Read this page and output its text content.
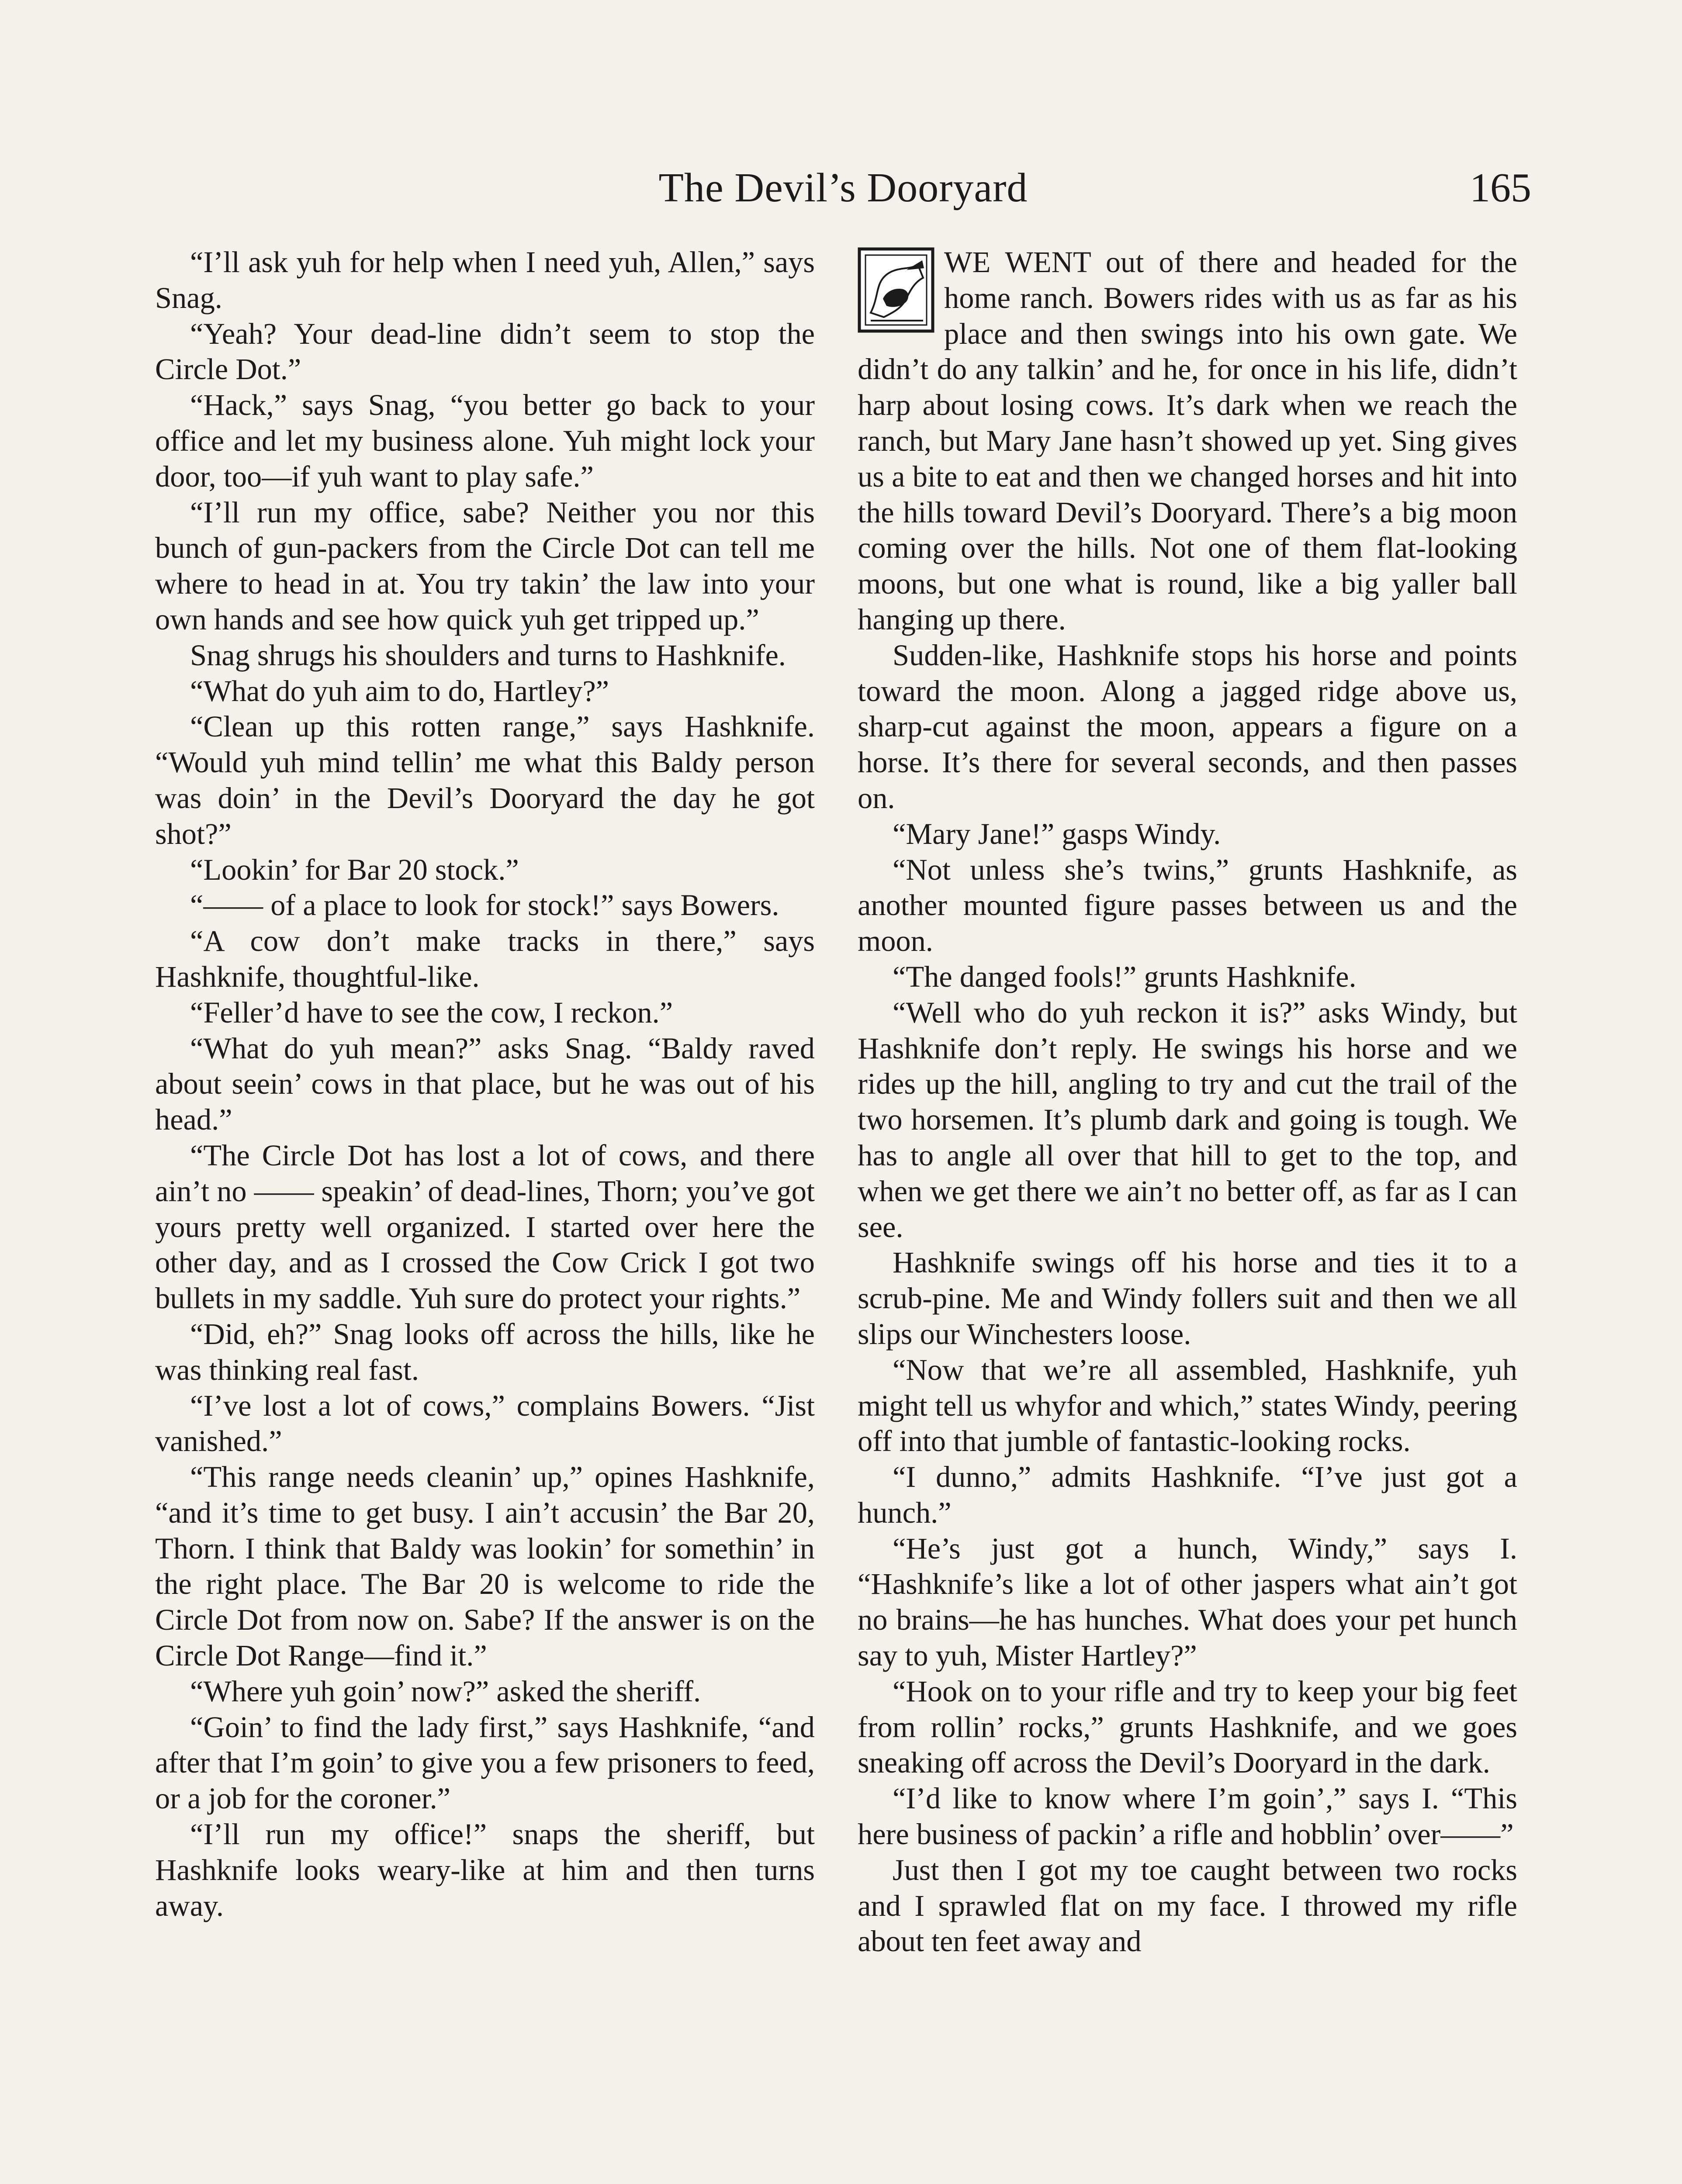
The Devil’s Dooryard	165

“I’ll ask yuh for help when I need yuh, Allen,” says Snag.

“Yeah? Your dead-line didn’t seem to stop the Circle Dot.”

“Hack,” says Snag, “you better go back to your office and let my business alone. Yuh might lock your door, too—if yuh want to play safe.”

“I’ll run my office, sabe? Neither you nor this bunch of gun-packers from the Circle Dot can tell me where to head in at. You try takin’ the law into your own hands and see how quick yuh get tripped up.”

Snag shrugs his shoulders and turns to Hashknife.

“What do yuh aim to do, Hartley?”

“Clean up this rotten range,” says Hashknife. “Would yuh mind tellin’ me what this Baldy person was doin’ in the Devil’s Dooryard the day he got shot?”

“Lookin’ for Bar 20 stock.”

“—— of a place to look for stock!” says Bowers.

“A cow don’t make tracks in there,” says Hashknife, thoughtful-like.

“Feller’d have to see the cow, I reckon.”

“What do yuh mean?” asks Snag. “Baldy raved about seein’ cows in that place, but he was out of his head.”

“The Circle Dot has lost a lot of cows, and there ain’t no —— speakin’ of dead-lines, Thorn; you’ve got yours pretty well organized. I started over here the other day, and as I crossed the Cow Crick I got two bullets in my saddle. Yuh sure do protect your rights.”

“Did, eh?” Snag looks off across the hills, like he was thinking real fast.

“I’ve lost a lot of cows,” complains Bowers. “Jist vanished.”

“This range needs cleanin’ up,” opines Hashknife, “and it’s time to get busy. I ain’t accusin’ the Bar 20, Thorn. I think that Baldy was lookin’ for somethin’ in the right place. The Bar 20 is welcome to ride the Circle Dot from now on. Sabe? If the answer is on the Circle Dot Range—find it.”

“Where yuh goin’ now?” asked the sheriff.

“Goin’ to find the lady first,” says Hashknife, “and after that I’m goin’ to give you a few prisoners to feed, or a job for the coroner.”

“I’ll run my office!” snaps the sheriff, but Hashknife looks weary-like at him and then turns away.

WE WENT out of there and headed for the home ranch. Bowers rides with us as far as his place and then swings into his own gate. We didn’t do any talkin’ and he, for once in his life, didn’t harp about losing cows. It’s dark when we reach the ranch, but Mary Jane hasn’t showed up yet. Sing gives us a bite to eat and then we changed horses and hit into the hills toward Devil’s Dooryard. There’s a big moon coming over the hills. Not one of them flat-looking moons, but one what is round, like a big yaller ball hanging up there.

Sudden-like, Hashknife stops his horse and points toward the moon. Along a jagged ridge above us, sharp-cut against the moon, appears a figure on a horse. It’s there for several seconds, and then passes on.

“Mary Jane!” gasps Windy.

“Not unless she’s twins,” grunts Hashknife, as another mounted figure passes between us and the moon.

“The danged fools!” grunts Hashknife.

“Well who do yuh reckon it is?” asks Windy, but Hashknife don’t reply. He swings his horse and we rides up the hill, angling to try and cut the trail of the two horsemen. It’s plumb dark and going is tough. We has to angle all over that hill to get to the top, and when we get there we ain’t no better off, as far as I can see.

Hashknife swings off his horse and ties it to a scrub-pine. Me and Windy follers suit and then we all slips our Winchesters loose.

“Now that we’re all assembled, Hashknife, yuh might tell us whyfor and which,” states Windy, peering off into that jumble of fantastic-looking rocks.

“I dunno,” admits Hashknife. “I’ve just got a hunch.”

“He’s just got a hunch, Windy,” says I. “Hashknife’s like a lot of other jaspers what ain’t got no brains—he has hunches. What does your pet hunch say to yuh, Mister Hartley?”

“Hook on to your rifle and try to keep your big feet from rollin’ rocks,” grunts Hashknife, and we goes sneaking off across the Devil’s Dooryard in the dark.

“I’d like to know where I’m goin’,” says I. “This here business of packin’ a rifle and hobblin’ over——”

Just then I got my toe caught between two rocks and I sprawled flat on my face. I throwed my rifle about ten feet away and
